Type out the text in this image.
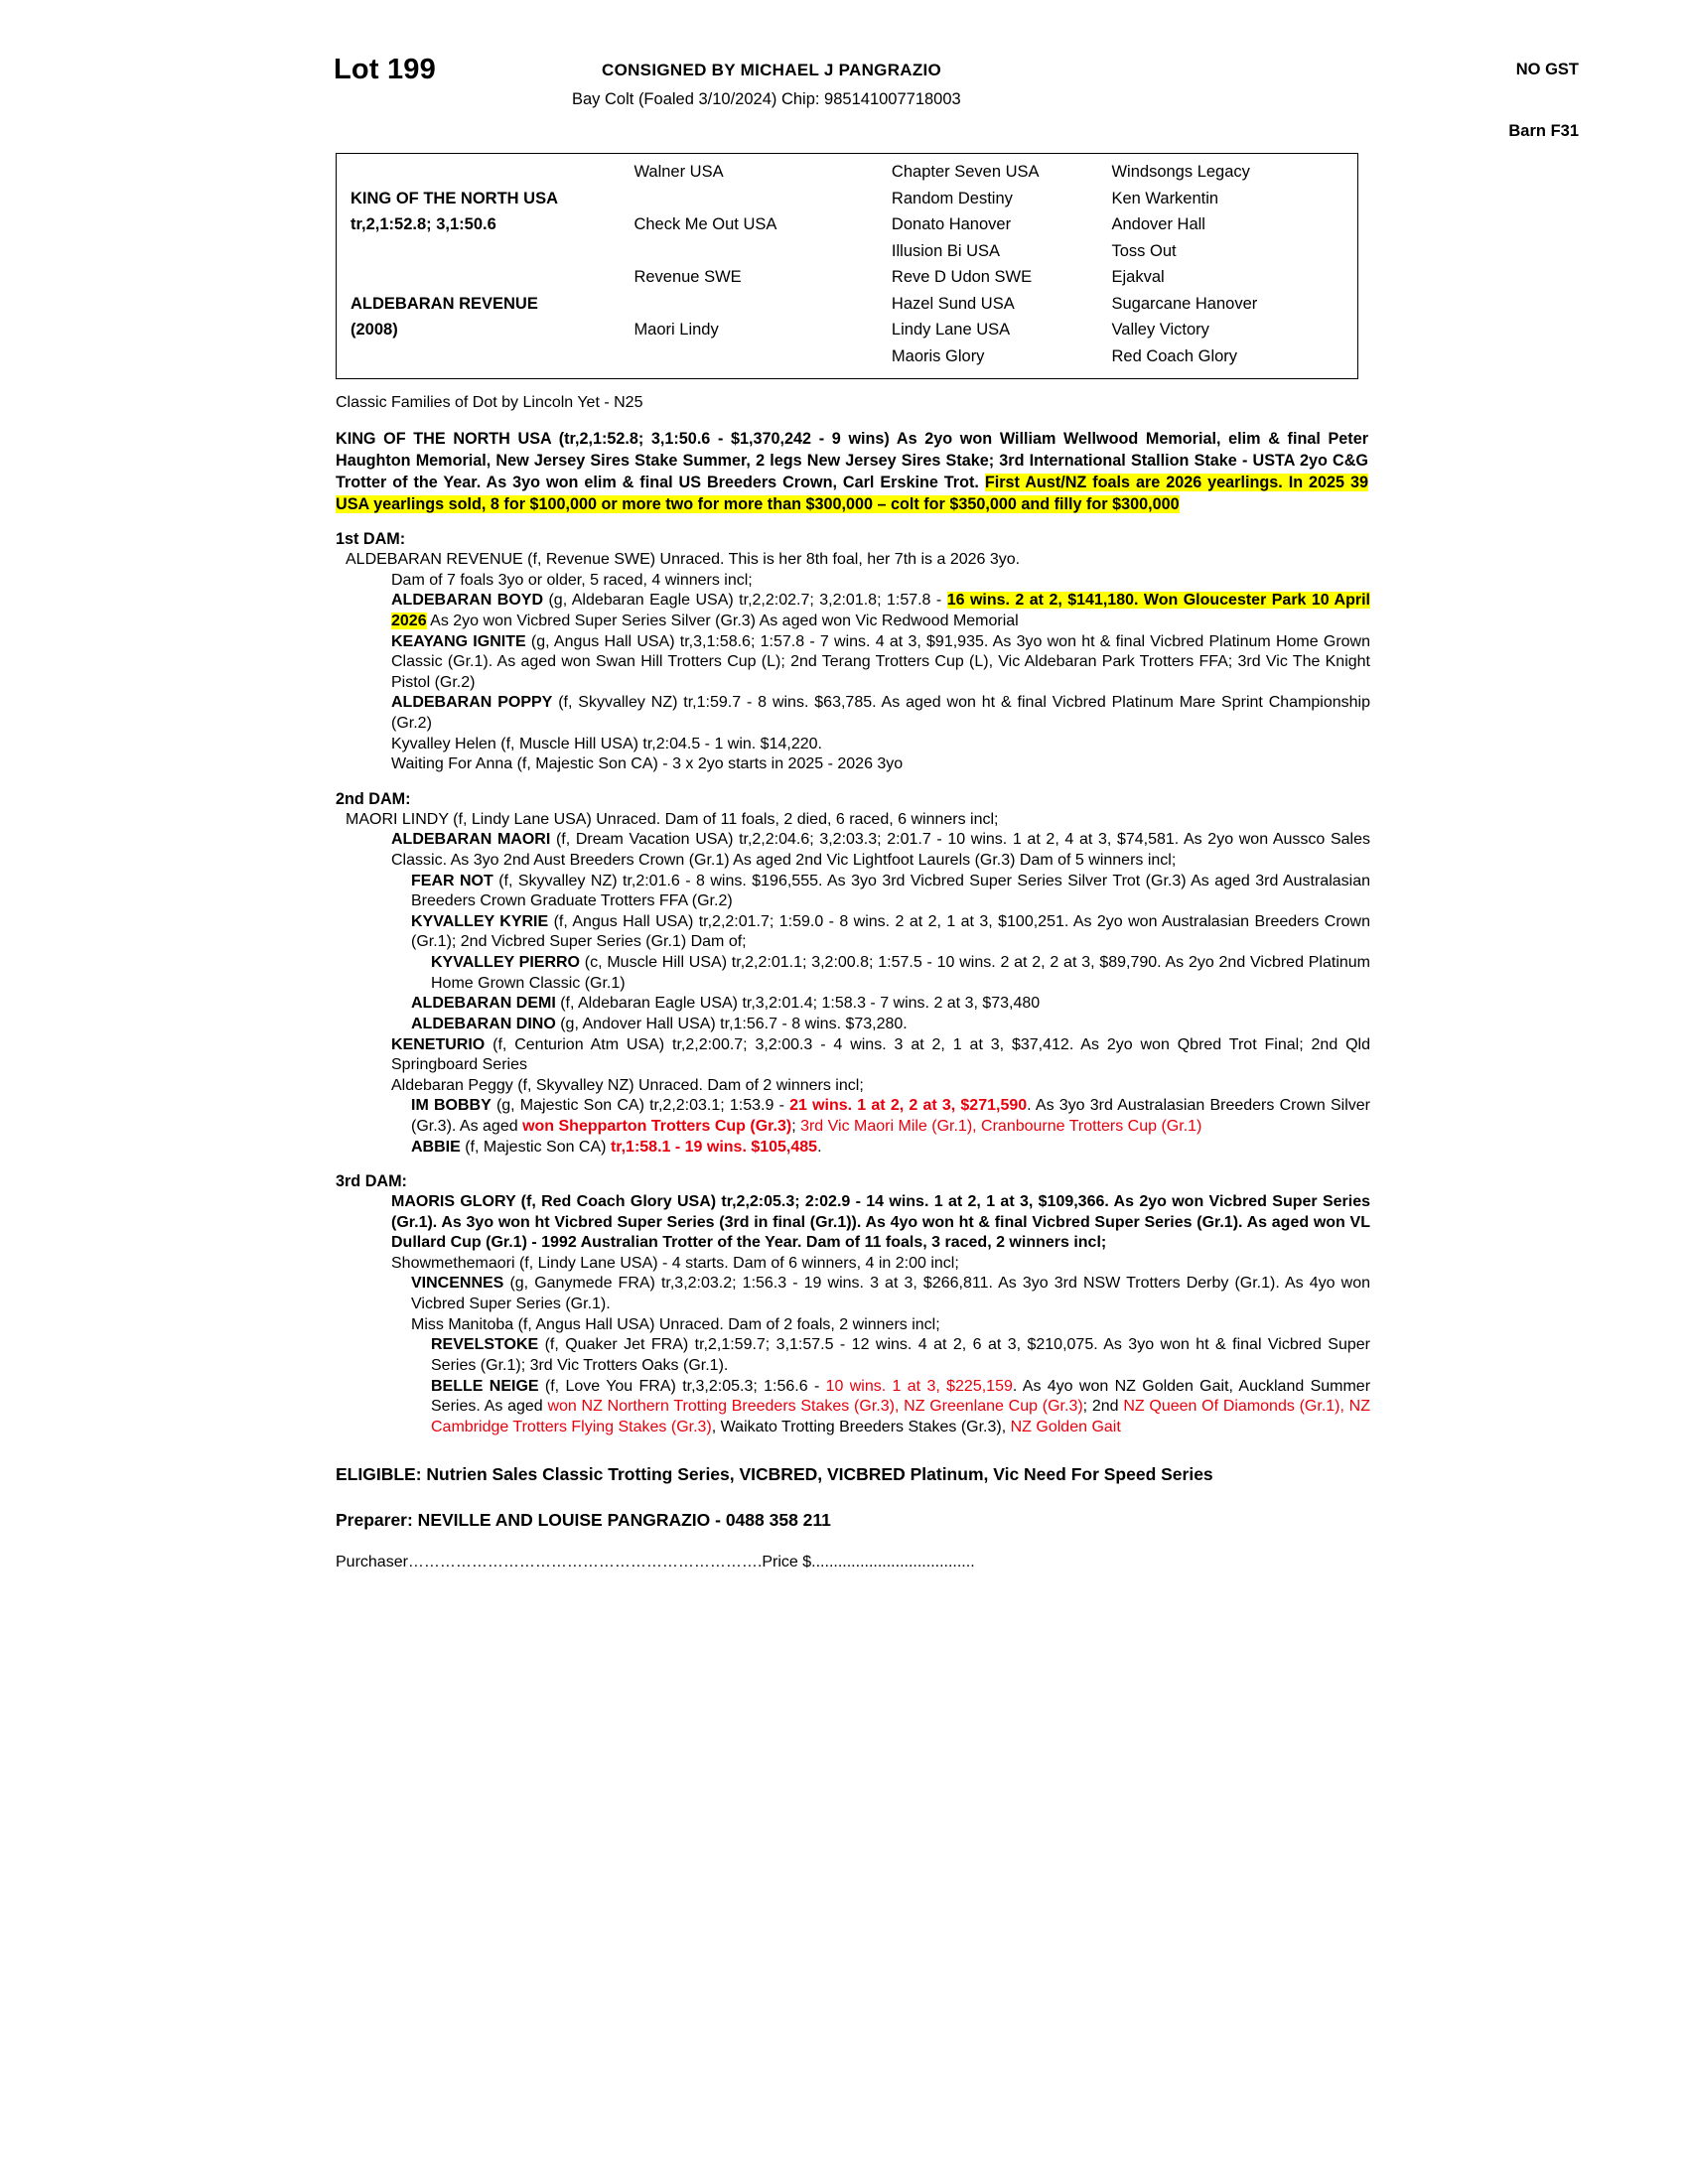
Lot 199	CONSIGNED BY MICHAEL J PANGRAZIO
Bay Colt (Foaled 3/10/2024) Chip: 985141007718003
NO GST
Barn F31

KING OF THE NORTH USA
tr,2,1:52.8; 3,1:50.6

ALDEBARAN REVENUE
(2008)
Walner USA

Check Me Out USA

Revenue SWE

Maori Lindy
Chapter Seven USA
Random Destiny
Donato Hanover
Illusion Bi USA
Reve D Udon SWE
Hazel Sund USA
Lindy Lane USA
Maoris Glory
Windsongs Legacy
Ken Warkentin
Andover Hall
Toss Out
Ejakval
Sugarcane Hanover
Valley Victory
Red Coach Glory
Classic Families of Dot by Lincoln Yet - N25
KING OF THE NORTH USA (tr,2,1:52.8; 3,1:50.6 - $1,370,242 - 9 wins) As 2yo won William Wellwood Memorial, elim & final Peter Haughton Memorial, New Jersey Sires Stake Summer, 2 legs New Jersey Sires Stake; 3rd International Stallion Stake - USTA 2yo C&G Trotter of the Year. As 3yo won elim & final US Breeders Crown, Carl Erskine Trot. First Aust/NZ foals are 2026 yearlings. In 2025 39 USA yearlings sold, 8 for $100,000 or more two for more than $300,000 – colt for $350,000 and filly for $300,000
1st DAM:

ALDEBARAN REVENUE (f, Revenue SWE) Unraced. This is her 8th foal, her 7th is a 2026 3yo.

Dam of 7 foals 3yo or older, 5 raced, 4 winners incl;

ALDEBARAN BOYD (g, Aldebaran Eagle USA) tr,2,2:02.7; 3,2:01.8; 1:57.8 - 16 wins. 2 at 2, $141,180. Won Gloucester Park 10 April 2026 As 2yo won Vicbred Super Series Silver (Gr.3) As aged won Vic Redwood Memorial

KEAYANG IGNITE (g, Angus Hall USA) tr,3,1:58.6; 1:57.8 - 7 wins. 4 at 3, $91,935. As 3yo won ht & final Vicbred Platinum Home Grown Classic (Gr.1). As aged won Swan Hill Trotters Cup (L); 2nd Terang Trotters Cup (L), Vic Aldebaran Park Trotters FFA; 3rd Vic The Knight Pistol (Gr.2)

ALDEBARAN POPPY (f, Skyvalley NZ) tr,1:59.7 - 8 wins. $63,785. As aged won ht & final Vicbred Platinum Mare Sprint Championship (Gr.2)

Kyvalley Helen (f, Muscle Hill USA) tr,2:04.5 - 1 win. $14,220.

Waiting For Anna (f, Majestic Son CA) - 3 x 2yo starts in 2025 - 2026 3yo

2nd DAM:

MAORI LINDY (f, Lindy Lane USA) Unraced. Dam of 11 foals, 2 died, 6 raced, 6 winners incl;

ALDEBARAN MAORI (f, Dream Vacation USA) tr,2,2:04.6; 3,2:03.3; 2:01.7 - 10 wins. 1 at 2, 4 at 3, $74,581. As 2yo won Aussco Sales Classic. As 3yo 2nd Aust Breeders Crown (Gr.1) As aged 2nd Vic Lightfoot Laurels (Gr.3) Dam of 5 winners incl;

FEAR NOT (f, Skyvalley NZ) tr,2:01.6 - 8 wins. $196,555. As 3yo 3rd Vicbred Super Series Silver Trot (Gr.3) As aged 3rd Australasian Breeders Crown Graduate Trotters FFA (Gr.2)

KYVALLEY KYRIE (f, Angus Hall USA) tr,2,2:01.7; 1:59.0 - 8 wins. 2 at 2, 1 at 3, $100,251. As 2yo won Australasian Breeders Crown (Gr.1); 2nd Vicbred Super Series (Gr.1) Dam of;

KYVALLEY PIERRO (c, Muscle Hill USA) tr,2,2:01.1; 3,2:00.8; 1:57.5 - 10 wins. 2 at 2, 2 at 3, $89,790. As 2yo 2nd Vicbred Platinum Home Grown Classic (Gr.1)

ALDEBARAN DEMI (f, Aldebaran Eagle USA) tr,3,2:01.4; 1:58.3 - 7 wins. 2 at 3, $73,480

ALDEBARAN DINO (g, Andover Hall USA) tr,1:56.7 - 8 wins. $73,280.

KENETURIO (f, Centurion Atm USA) tr,2,2:00.7; 3,2:00.3 - 4 wins. 3 at 2, 1 at 3, $37,412. As 2yo won Qbred Trot Final; 2nd Qld Springboard Series

Aldebaran Peggy (f, Skyvalley NZ) Unraced. Dam of 2 winners incl;

IM BOBBY (g, Majestic Son CA) tr,2,2:03.1; 1:53.9 - 21 wins. 1 at 2, 2 at 3, $271,590. As 3yo 3rd Australasian Breeders Crown Silver (Gr.3). As aged won Shepparton Trotters Cup (Gr.3); 3rd Vic Maori Mile (Gr.1), Cranbourne Trotters Cup (Gr.1)

ABBIE (f, Majestic Son CA) tr,1:58.1 - 19 wins. $105,485.

3rd DAM:

MAORIS GLORY (f, Red Coach Glory USA) tr,2,2:05.3; 2:02.9 - 14 wins. 1 at 2, 1 at 3, $109,366. As 2yo won Vicbred Super Series (Gr.1). As 3yo won ht Vicbred Super Series (3rd in final (Gr.1)). As 4yo won ht & final Vicbred Super Series (Gr.1). As aged won VL Dullard Cup (Gr.1) - 1992 Australian Trotter of the Year. Dam of 11 foals, 3 raced, 2 winners incl;

Showmethemaori (f, Lindy Lane USA) - 4 starts. Dam of 6 winners, 4 in 2:00 incl;

VINCENNES (g, Ganymede FRA) tr,3,2:03.2; 1:56.3 - 19 wins. 3 at 3, $266,811. As 3yo 3rd NSW Trotters Derby (Gr.1). As 4yo won Vicbred Super Series (Gr.1).

Miss Manitoba (f, Angus Hall USA) Unraced. Dam of 2 foals, 2 winners incl;

REVELSTOKE (f, Quaker Jet FRA) tr,2,1:59.7; 3,1:57.5 - 12 wins. 4 at 2, 6 at 3, $210,075. As 3yo won ht & final Vicbred Super Series (Gr.1); 3rd Vic Trotters Oaks (Gr.1).

BELLE NEIGE (f, Love You FRA) tr,3,2:05.3; 1:56.6 - 10 wins. 1 at 3, $225,159. As 4yo won NZ Golden Gait, Auckland Summer Series. As aged won NZ Northern Trotting Breeders Stakes (Gr.3), NZ Greenlane Cup (Gr.3); 2nd NZ Queen Of Diamonds (Gr.1), NZ Cambridge Trotters Flying Stakes (Gr.3), Waikato Trotting Breeders Stakes (Gr.3), NZ Golden Gait

ELIGIBLE: Nutrien Sales Classic Trotting Series, VICBRED, VICBRED Platinum, Vic Need For Speed Series
Preparer: NEVILLE AND LOUISE PANGRAZIO - 0488 358 211
Purchaser………………………………………………………….Price $.....................................
